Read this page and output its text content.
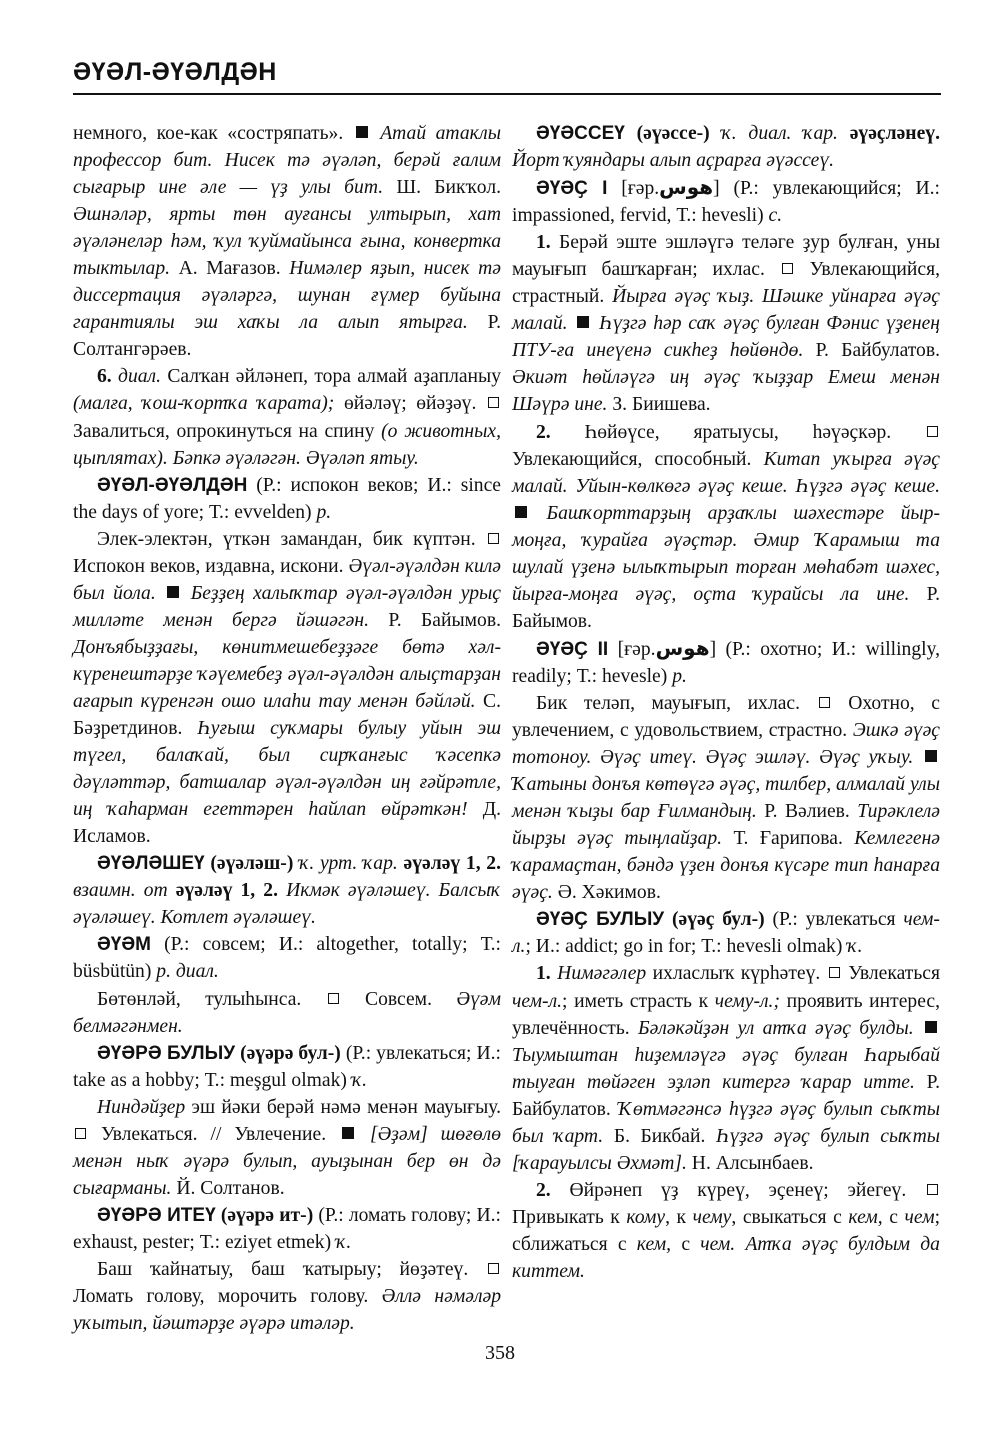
ӘҮӘЛ-ӘҮӘЛДӘН

немного, кое-как «состряпать». Атай атаклы профессор бит. Нисек тә әүәләп, берәй ғалим сығарыр ине әле — үҙ улы бит. Ш. Бикҡол. Әшнәләр, ярты төн ауғансы ултырып, хат әүәләнеләр һәм, ҡул ҡуймайынса ғына, конвертка тыктылар. А. Мағазов. Нимәлер яҙып, нисек тә диссертация әүәләргә, шунан ғүмер буйына гарантиялы эш хаҡы ла алып ятырға. Р. Солтангәрәев.

6. диал. Салҡан әйләнеп, тора алмай аҙапланыу (малға, ҡош-ҡортҡа ҡарата); өйәләү; өйәҙәү.  Завалиться, опрокинуться на спину (о животных, цыплятах). Бәпкә әүәләгән. Әүәләп ятыу.

ӘҮӘЛ-ӘҮӘЛДӘН (Р.: испокон веков; И.: since the days of yore; Т.: evvelden) р.

Элек-электән, үткән замандан, бик күптән.  Испокон веков, издавна, искони. Әүәл-әүәлдән килә был йола. Беҙҙең халыҡтар әүәл-әүәлдән урыҫ милләте менән бергә йәшәгән. Р. Байымов. Донъябыҙҙағы, көнитмешебеҙҙәге бөтә хәл-күренештәрҙе ҡәүемебеҙ әүәл-әүәлдән алыҫтарҙан ағарып күренгән ошо илаһи тау менән бәйләй. С. Бәҙретдинов. Һуғыш суҡмары булыу уйын эш түгел, балаҡай, был сирҡанғыс ҡәсепкә дәүләттәр, батшалар әүәл-әүәлдән иң ғәйрәтле, иң ҡаһарман егеттәрен һайлап өйрәткән! Д. Исламов.

ӘҮӘЛӘШЕҮ (әүәләш-) ҡ. урт. ҡар. әүәләү 1, 2. взаимн. от әүәләү 1, 2. Икмәк әүәләшеү. Балсыҡ әүәләшеү. Котлет әүәләшеү.

ӘҮӘМ (Р.: совсем; И.: altogether, totally; Т.: büsbütün) р. диал.

Бөтөнләй, тулыһынса.	Совсем. Әүәм белмәгәнмен.

ӘҮӘРӘ БУЛЫУ (әүәрә бул-) (Р.: увлекаться; И.: take as a hobby; Т.: meşgul olmak) ҡ.

Ниндәйҙер эш йәки берәй нәмә менән мауығыу.  Увлекаться. // Увлечение. [Әҙәм] шөғөлө менән ныҡ әүәрә булып, ауыҙынан бер өн дә сығарманы. Й. Солтанов.

ӘҮӘРӘ ИТЕҮ (әүәрә ит-) (Р.: ломать голову; И.: exhaust, pester; Т.: eziyet etmek) ҡ.

Баш ҡайнатыу, баш ҡатырыу; йөҙәтеү.  Ломать голову, морочить голову. Әллә нәмәләр уҡытып, йәштәрҙе әүәрә итәләр.

ӘҮӘССЕҮ (әүәссе-) ҡ. диал. ҡар. әүәҫләнеү. Йорт ҡуяндары алып аҫрарға әүәссеү.

ӘҮӘҪ I [ғәр.هوس] (Р.: увлекающийся; И.: impassioned, fervid, Т.: hevesli) с.

1. Берәй эште эшләүгә теләге ҙур булған, уны мауығып башҡарған; ихлас. Увлекающийся, страстный. Йырға әүәҫ ҡыҙ. Шәшке уйнарға әүәҫ малай. Һүҙгә һәр саҡ әүәҫ булған Фәнис үҙенең ПТУ-ға инеүенә сикһеҙ һөйөндө. Р. Байбулатов. Әкиәт һөйләүгә иң әүәҫ ҡыҙҙар Емеш менән Шәүрә ине. З. Биишева.

2. Һөйөүсе, яратыусы, һәүәҫкәр.  Увлекающийся, способный. Китап уҡырға әүәҫ малай. Уйын-көлкөгә әүәҫ кеше. Һүҙгә әүәҫ кеше.  Башҡорттарҙың арҙаҡлы шәхестәре йыр-моңға, ҡурайға әүәҫтәр. Әмир Ҡарамыш та шулай үҙенә ылыҡтырып торған мөһабәт шәхес, йырға-моңға әүәҫ, оҫта ҡурайсы ла ине. Р. Байымов.

ӘҮӘҪ II [ғәр.هوس] (Р.: охотно; И.: willingly, readily; Т.: hevesle) р.

Бик теләп, мауығып, ихлас. Охотно, с увлечением, с удовольствием, страстно. Эшкә әүәҫ тотоноу. Әүәҫ итеү. Әүәҫ эшләү. Әүәҫ уҡыу.  Ҡатыны донъя көтөүгә әүәҫ, тилбер, алмалай улы менән ҡыҙы бар Ғилмандың. Р. Вәлиев. Тирәклелә йырҙы әүәҫ тыңлайҙар. Т. Ғарипова. Кемлегенә ҡарамаҫтан, бәндә үҙен донъя күсәре тип һанарға әүәҫ. Ә. Хәкимов.

ӘҮӘҪ БУЛЫУ (әүәҫ бул-) (Р.: увлекаться чем-л.; И.: addict; go in for; Т.: hevesli olmak) ҡ.

1. Нимәгәлер ихласлыҡ күрһәтеү. Увлекаться чем-л.; иметь страсть к чему-л.; проявить интерес, увлечённость. Бәләкәйҙән ул атҡа әүәҫ булды.  Тыумыштан һиҙемләүгә әүәҫ булған Һарыбай тыуған төйәген эҙләп китергә ҡарар итте. Р. Байбулатов. Ҡөтмәгәнсә һүҙгә әүәҫ булып сыҡты был ҡарт. Б. Бикбай. Һүҙгә әүәҫ булып сыҡты [ҡарауылсы Әхмәт]. Н. Алсынбаев.

2. Өйрәнеп үҙ күреү, эҫенеү; эйегеү.  Привыкать к кому, к чему, свыкаться с кем, с чем; сближаться с кем, с чем. Атҡа әүәҫ булдым да киттем.

358
